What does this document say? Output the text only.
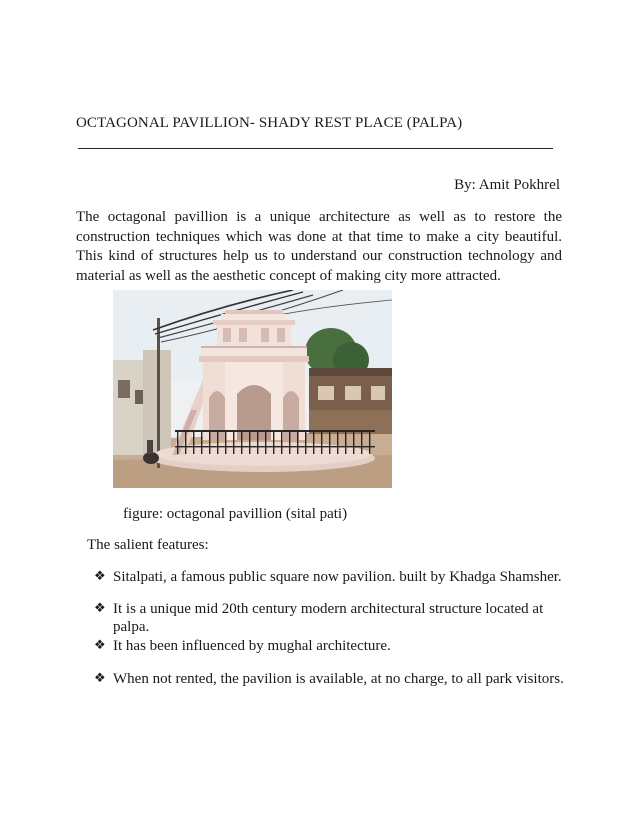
OCTAGONAL PAVILLION- SHADY REST PLACE (PALPA)
By: Amit Pokhrel

The octagonal pavillion is a unique architecture as well as to restore the construction techniques which was done at that time to make a city beautiful. This kind of structures help us to understand our construction technology and material as well as the aesthetic concept of making city more attracted.

figure: octagonal pavillion (sital pati)
The salient features:
❖ Sitalpati, a famous public square now pavilion. built by Khadga Shamsher.
❖ It is a unique mid 20th century modern architectural structure located at palpa.
❖ It has been influenced by mughal architecture.
❖ When not rented, the pavilion is available, at no charge, to all park visitors.
